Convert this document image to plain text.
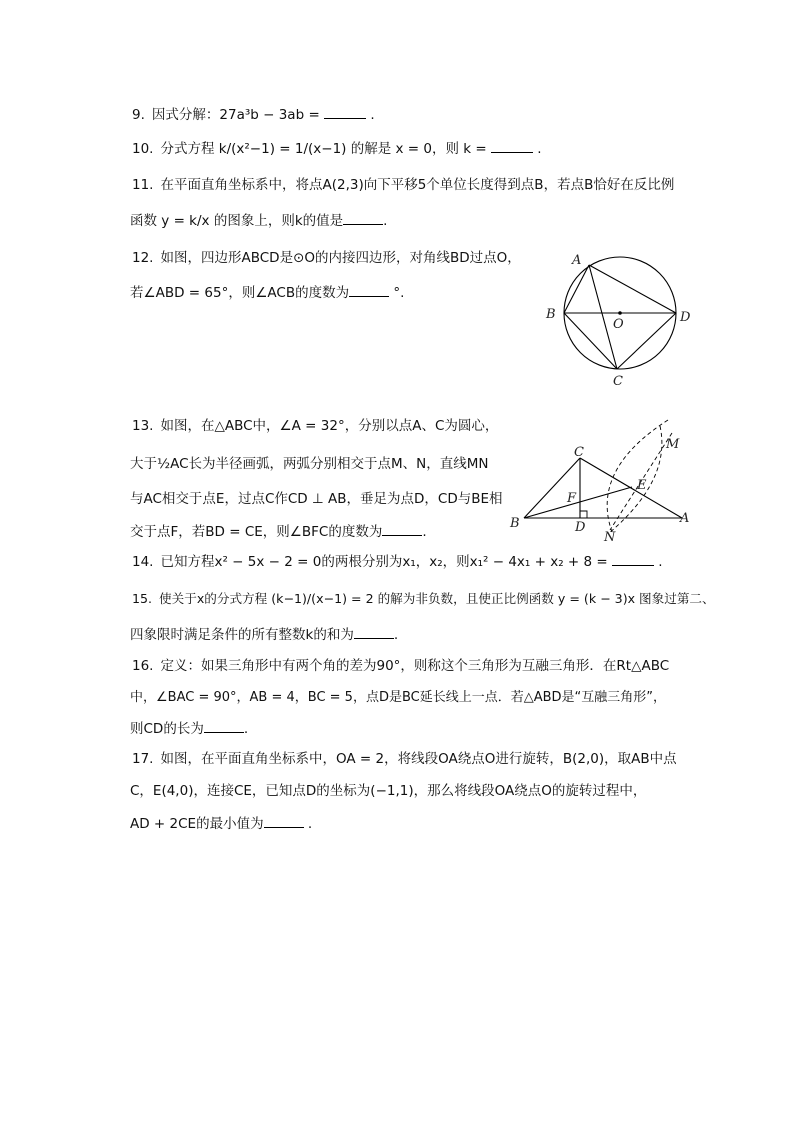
9. 因式分解：27a³b − 3ab =	.
10. 分式方程 k/(x²−1) = 1/(x−1) 的解是 x = 0，则 k =	.
11. 在平面直角坐标系中，将点A(2,3)向下平移5个单位长度得到点B，若点B恰好在反比例
函数 y = k/x 的图象上，则k的值是	.
12. 如图，四边形ABCD是⊙O的内接四边形，对角线BD过点O，
若∠ABD = 65°，则∠ACB的度数为	°.
13. 如图，在△ABC中，∠A = 32°，分别以点A、C为圆心，
大于½AC长为半径画弧，两弧分别相交于点M、N，直线MN
与AC相交于点E，过点C作CD ⊥ AB，垂足为点D，CD与BE相
交于点F，若BD = CE，则∠BFC的度数为	.
14. 已知方程x² − 5x − 2 = 0的两根分别为x₁，x₂，则x₁² − 4x₁ + x₂ + 8 =	.
15. 使关于x的分式方程 (k−1)/(x−1) = 2 的解为非负数，且使正比例函数 y = (k − 3)x 图象过第二、
四象限时满足条件的所有整数k的和为	.
16. 定义：如果三角形中有两个角的差为90°，则称这个三角形为互融三角形．在Rt△ABC
中，∠BAC = 90°，AB = 4，BC = 5，点D是BC延长线上一点．若△ABD是“互融三角形”，
则CD的长为	.
17. 如图，在平面直角坐标系中，OA = 2，将线段OA绕点O进行旋转，B(2,0)，取AB中点
C，E(4,0)，连接CE，已知点D的坐标为(−1,1)，那么将线段OA绕点O的旋转过程中，
AD + 2CE的最小值为	.
A
B
O	D
C
C
M
E
F
B	D
A
N
